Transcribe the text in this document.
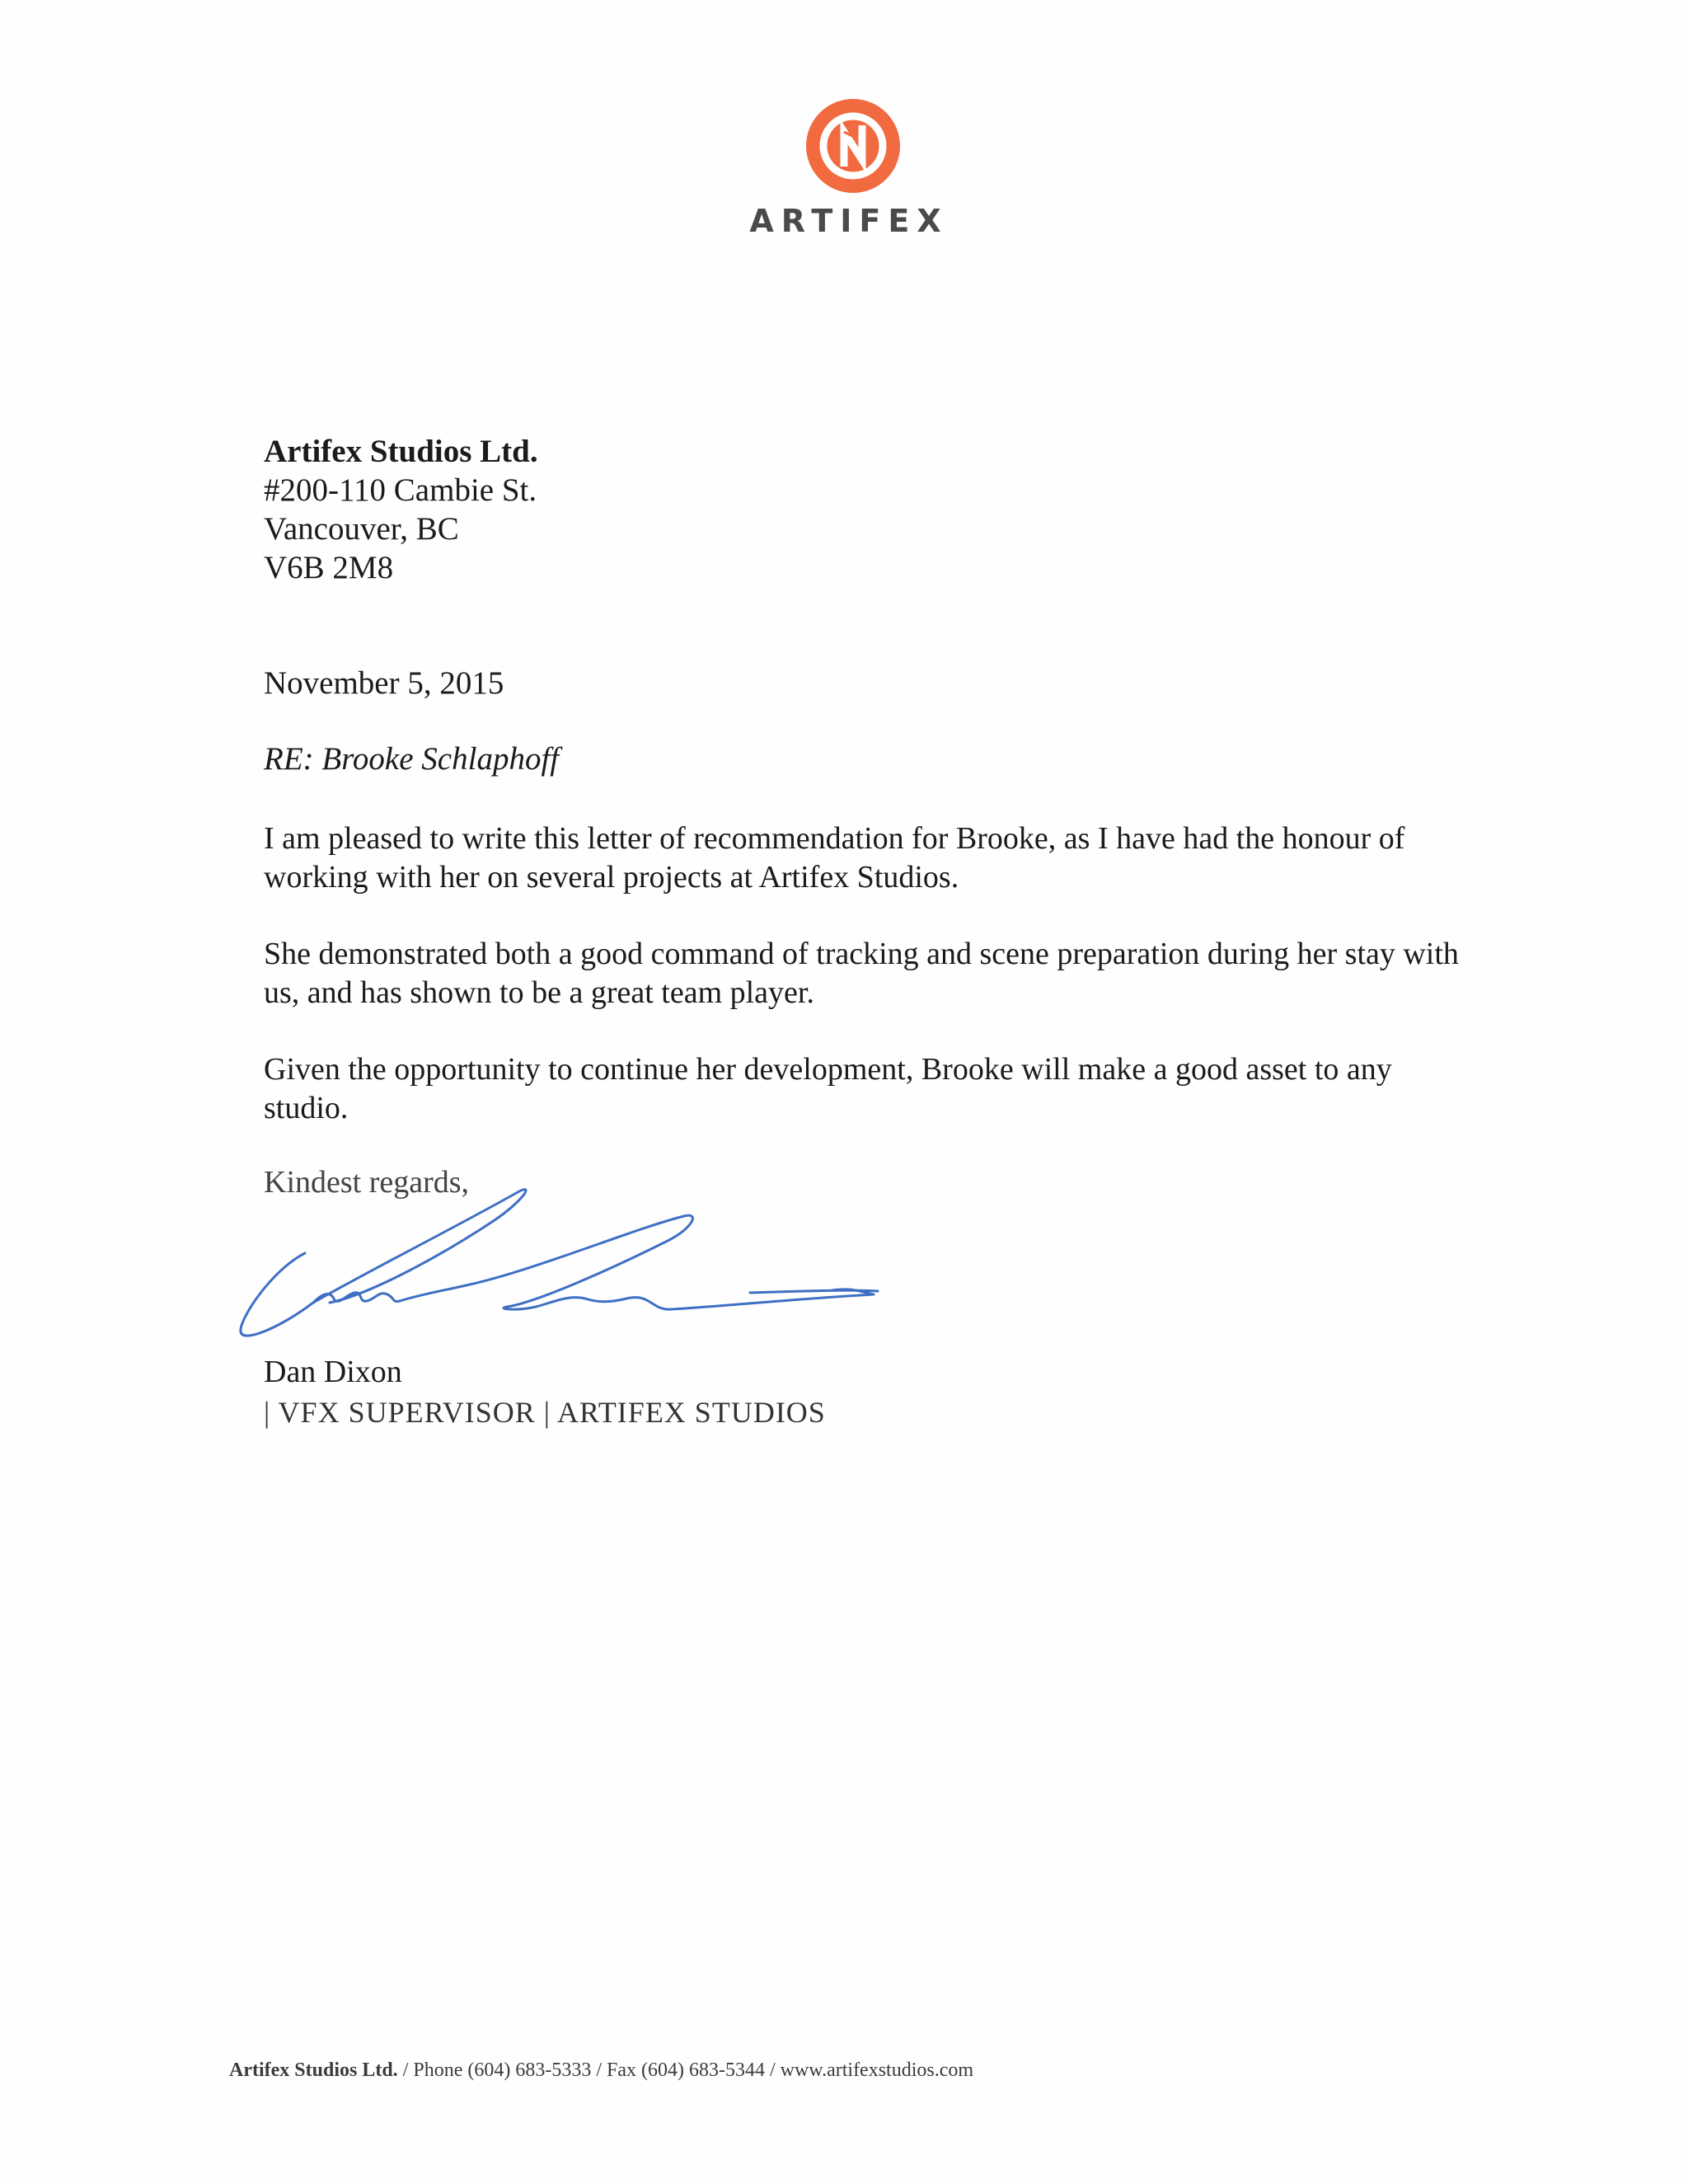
ARTIFEX
Artifex Studios Ltd.
#200-110 Cambie St.
Vancouver, BC
V6B 2M8
November 5, 2015
RE: Brooke Schlaphoff
I am pleased to write this letter of recommendation for Brooke, as I have had the honour of working with her on several projects at Artifex Studios.
She demonstrated both a good command of tracking and scene preparation during her stay with us, and has shown to be a great team player.
Given the opportunity to continue her development, Brooke will make a good asset to any studio.
Kindest regards,
Dan Dixon
| VFX SUPERVISOR | ARTIFEX STUDIOS
Artifex Studios Ltd. / Phone (604) 683-5333 / Fax (604) 683-5344 / www.artifexstudios.com
